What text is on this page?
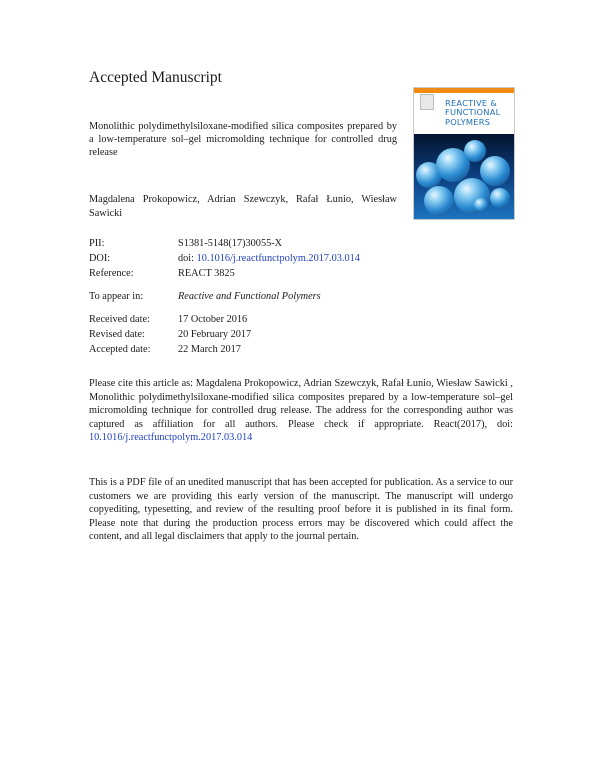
Accepted Manuscript
Monolithic polydimethylsiloxane-modified silica composites prepared by a low-temperature sol–gel micromolding technique for controlled drug release
Magdalena Prokopowicz, Adrian Szewczyk, Rafał Łunio, Wiesław Sawicki
REACTIVE &
FUNCTIONAL
POLYMERS
PII:	S1381-5148(17)30055-X
DOI:	doi: 10.1016/j.reactfunctpolym.2017.03.014
Reference:	REACT 3825
To appear in:	Reactive and Functional Polymers
Received date:	17 October 2016
Revised date:	20 February 2017
Accepted date:	22 March 2017
Please cite this article as: Magdalena Prokopowicz, Adrian Szewczyk, Rafał Łunio, Wiesław Sawicki , Monolithic polydimethylsiloxane-modified silica composites prepared by a low-temperature sol–gel micromolding technique for controlled drug release. The address for the corresponding author was captured as affiliation for all authors. Please check if appropriate. React(2017), doi: 10.1016/j.reactfunctpolym.2017.03.014
This is a PDF file of an unedited manuscript that has been accepted for publication. As a service to our customers we are providing this early version of the manuscript. The manuscript will undergo copyediting, typesetting, and review of the resulting proof before it is published in its final form. Please note that during the production process errors may be discovered which could affect the content, and all legal disclaimers that apply to the journal pertain.
